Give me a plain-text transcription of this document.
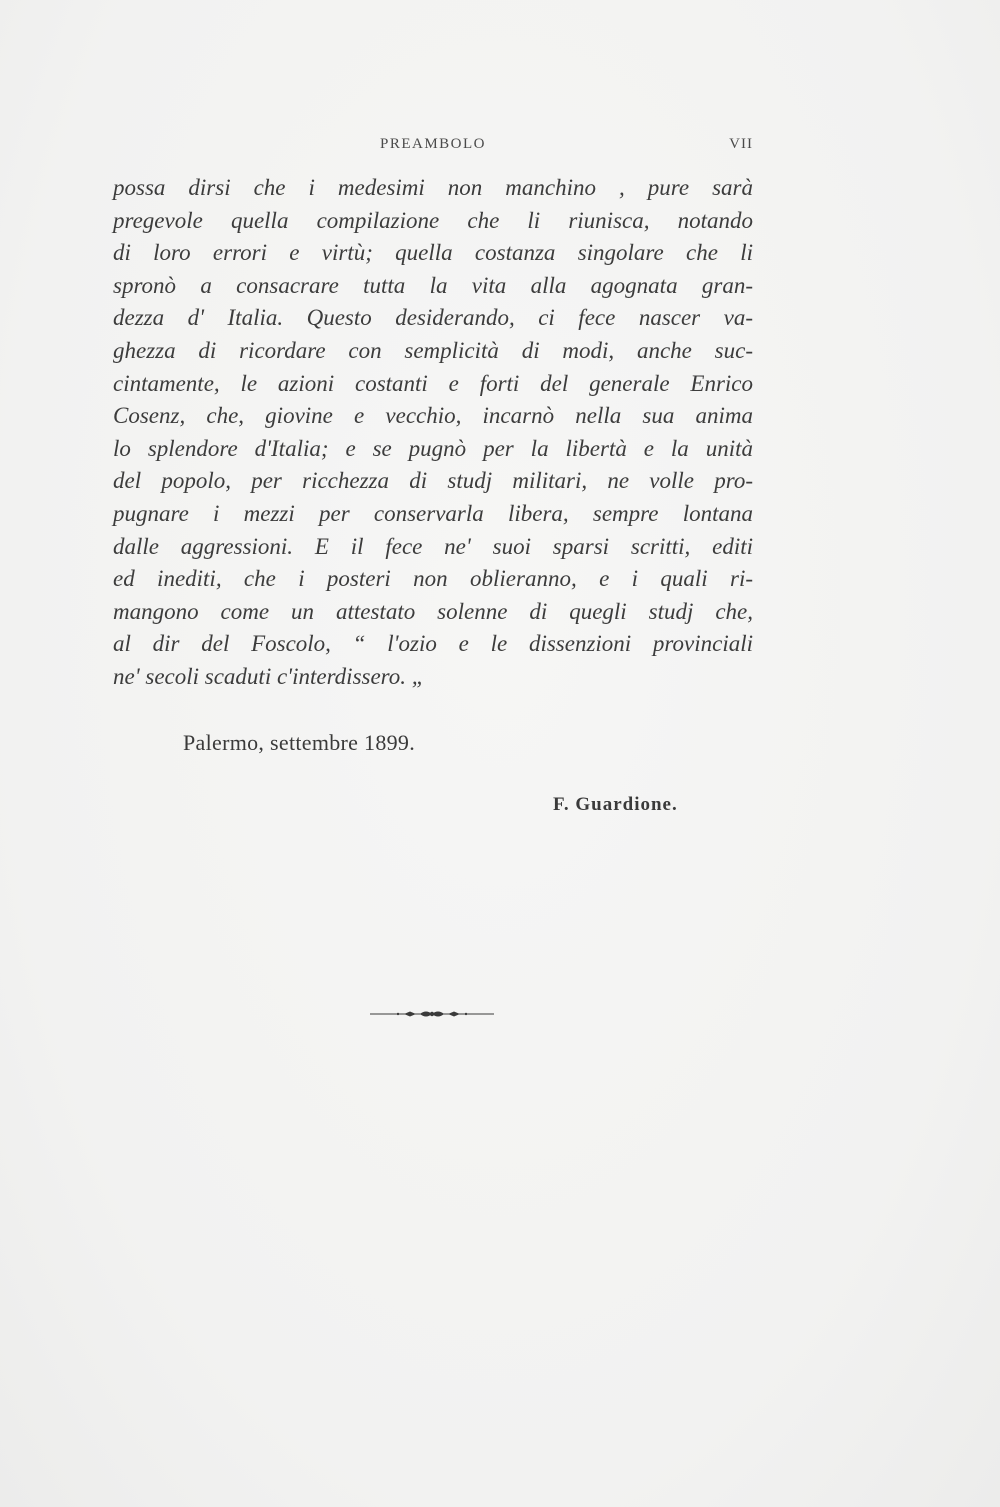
PREAMBOLO	VII

possa dirsi che i medesimi non manchino , pure sarà
pregevole quella compilazione che li riunisca, notando
di loro errori e virtù; quella costanza singolare che li
spronò a consacrare tutta la vita alla agognata gran-
dezza d' Italia. Questo desiderando, ci fece nascer va-
ghezza di ricordare con semplicità di modi, anche suc-
cintamente, le azioni costanti e forti del generale Enrico
Cosenz, che, giovine e vecchio, incarnò nella sua anima
lo splendore d'Italia; e se pugnò per la libertà e la unità
del popolo, per ricchezza di studj militari, ne volle pro-
pugnare i mezzi per conservarla libera, sempre lontana
dalle aggressioni. E il fece ne' suoi sparsi scritti, editi
ed inediti, che i posteri non oblieranno, e i quali ri-
mangono come un attestato solenne di quegli studj che,
al dir del Foscolo, “ l'ozio e le dissenzioni provinciali
ne' secoli scaduti c'interdissero. „

Palermo, settembre 1899.
F. Guardione.
